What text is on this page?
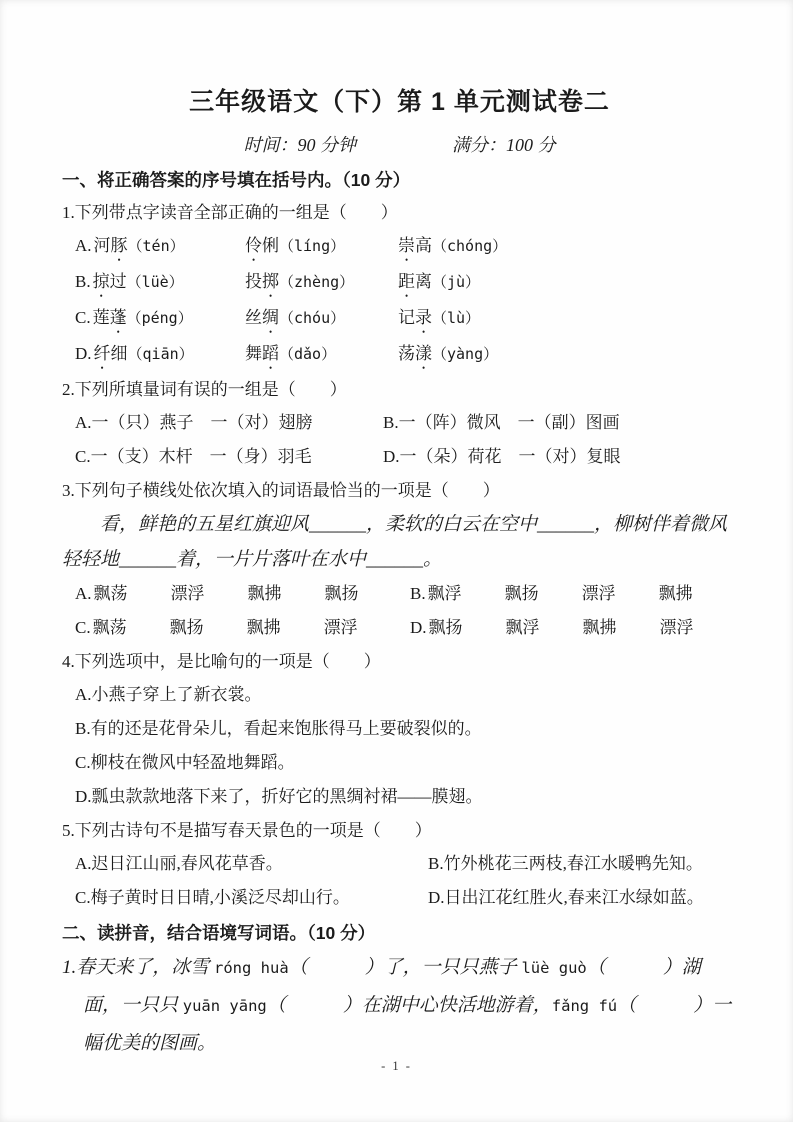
三年级语文（下）第 1 单元测试卷二
时间：90 分钟	满分：100 分
一、将正确答案的序号填在括号内。（10 分）
1.下列带点字读音全部正确的一组是（　　）
A. 河豚（tén）	伶俐（líng）	崇高（chóng）
B. 掠过（lüè）	投掷（zhèng）	距离（jù）
C. 莲蓬（péng）	丝绸（chóu）	记录（lù）
D. 纤细（qiān）	舞蹈（dǎo）	荡漾（yàng）
2.下列所填量词有误的一组是（　　）
A.一（只）燕子　一（对）翅膀	B.一（阵）微风　一（副）图画
C.一（支）木杆　一（身）羽毛	D.一（朵）荷花　一（对）复眼
3.下列句子横线处依次填入的词语最恰当的一项是（　　）

看，鲜艳的五星红旗迎风______，柔软的白云在空中______，柳树伴着微风轻轻地______着，一片片落叶在水中______。

A. 飘荡	漂浮	飘拂	飘扬	B. 飘浮	飘扬	漂浮	飘拂
C. 飘荡	飘扬	飘拂	漂浮	D. 飘扬	飘浮	飘拂	漂浮
4.下列选项中，是比喻句的一项是（　　）
A.小燕子穿上了新衣裳。
B.有的还是花骨朵儿，看起来饱胀得马上要破裂似的。
C.柳枝在微风中轻盈地舞蹈。
D.瓢虫款款地落下来了，折好它的黑绸衬裙——膜翅。
5.下列古诗句不是描写春天景色的一项是（　　）
A.迟日江山丽,春风花草香。	B.竹外桃花三两枝,春江水暖鸭先知。
C.梅子黄时日日晴,小溪泛尽却山行。	D.日出江花红胜火,春来江水绿如蓝。
二、读拼音，结合语境写词语。（10 分）

1.春天来了，冰雪 róng huà（　　　）了，一只只燕子 lüè guò（　　　）湖面，一只只 yuān yāng（　　　）在湖中心快活地游着，fǎng fú（　　　）一幅优美的图画。

- 1 -
